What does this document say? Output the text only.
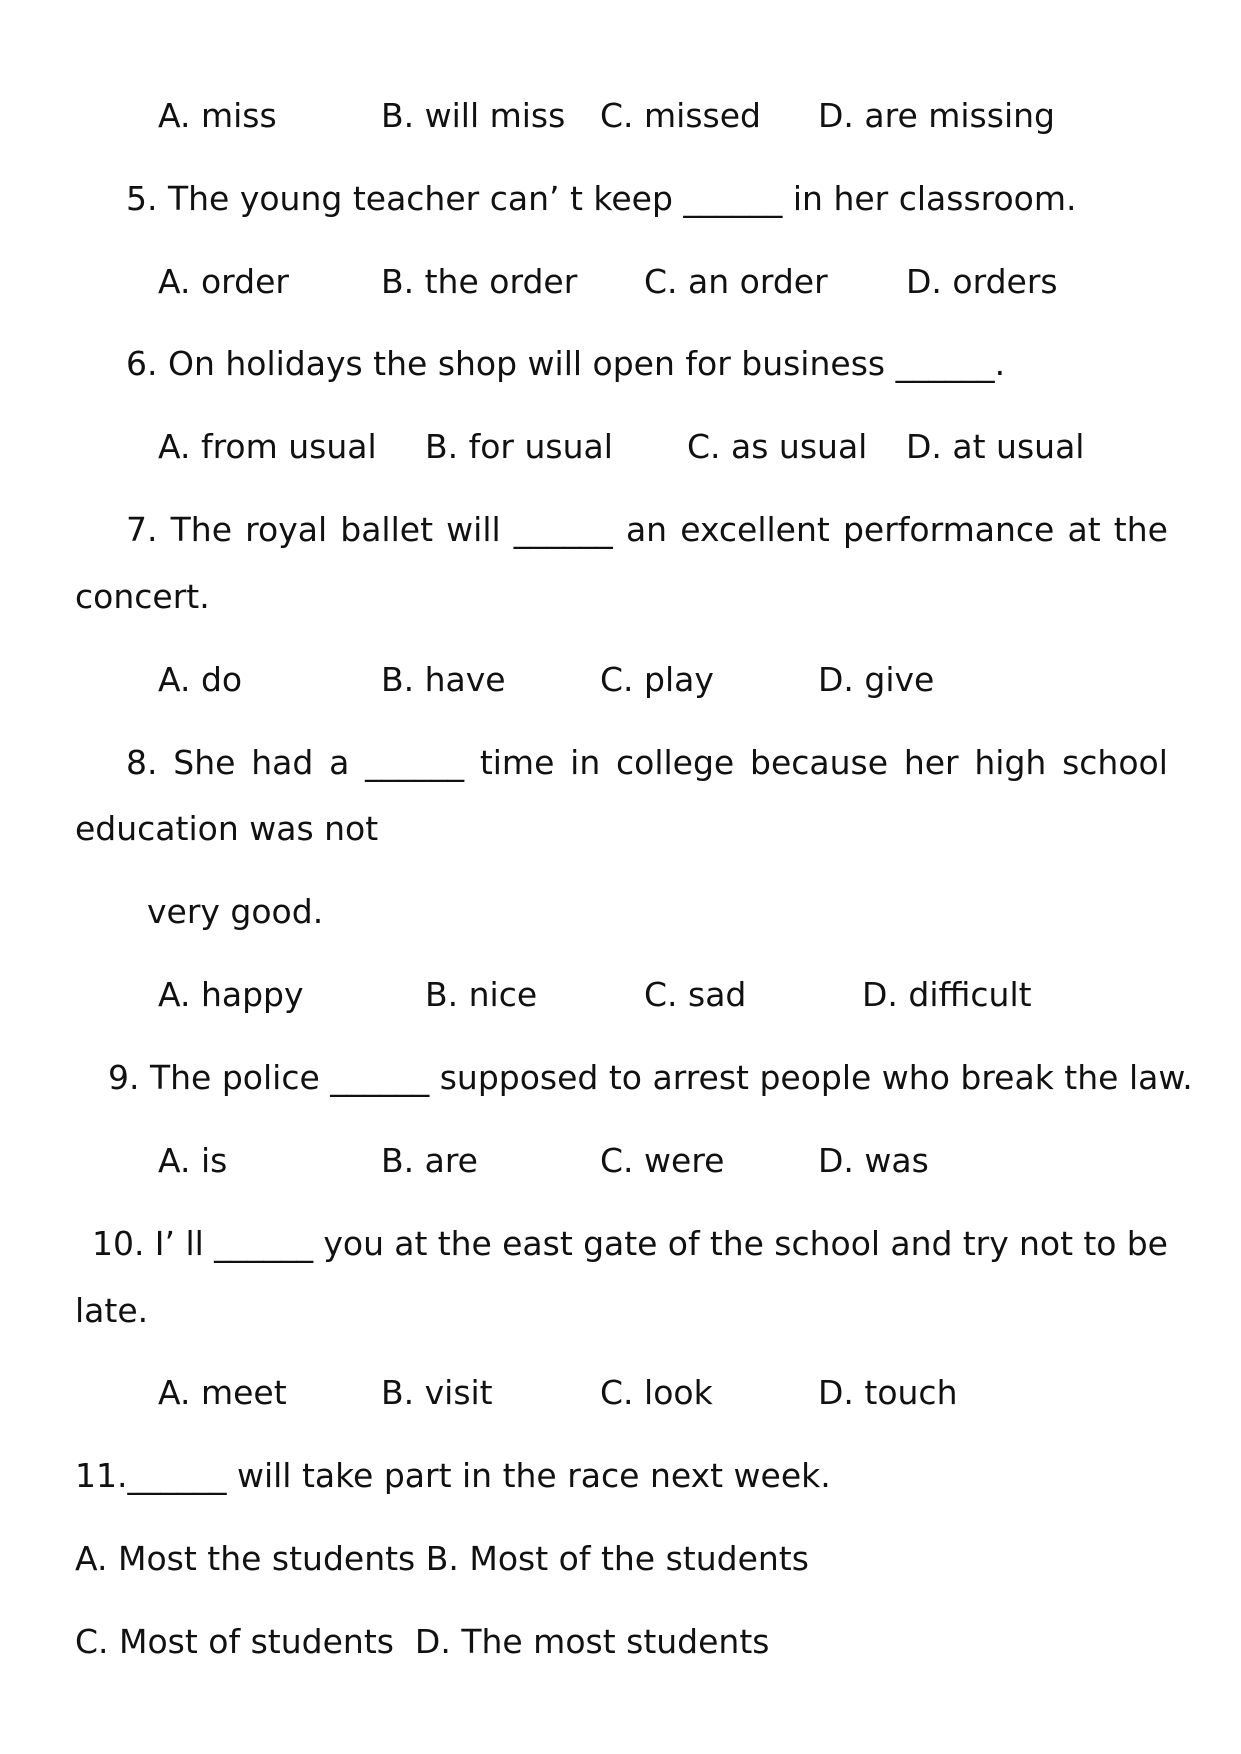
A. miss	B. will miss C. missed D. are missing
5. The young teacher can’ t keep ______ in her classroom.
A. order	B. the order C. an order D. orders
6. On holidays the shop will open for business ______.
A. from usual B. for usual C. as usual D. at usual
7. The royal ballet will ______ an excellent performance at the
concert.
A. do	B. have	C. play	D. give
8. She had a ______ time in college because her high school
education was not
very good.
A. happy	B. nice	C. sad	D. difficult
9. The police ______ supposed to arrest people who break the law.
A. is	B. are	C. were	D. was
10. I’ ll ______ you at the east gate of the school and try not to be
late.
A. meet	B. visit	C. look	D. touch
11.______ will take part in the race next week.
A. Most the students B. Most of the students
C. Most of students  D. The most students
